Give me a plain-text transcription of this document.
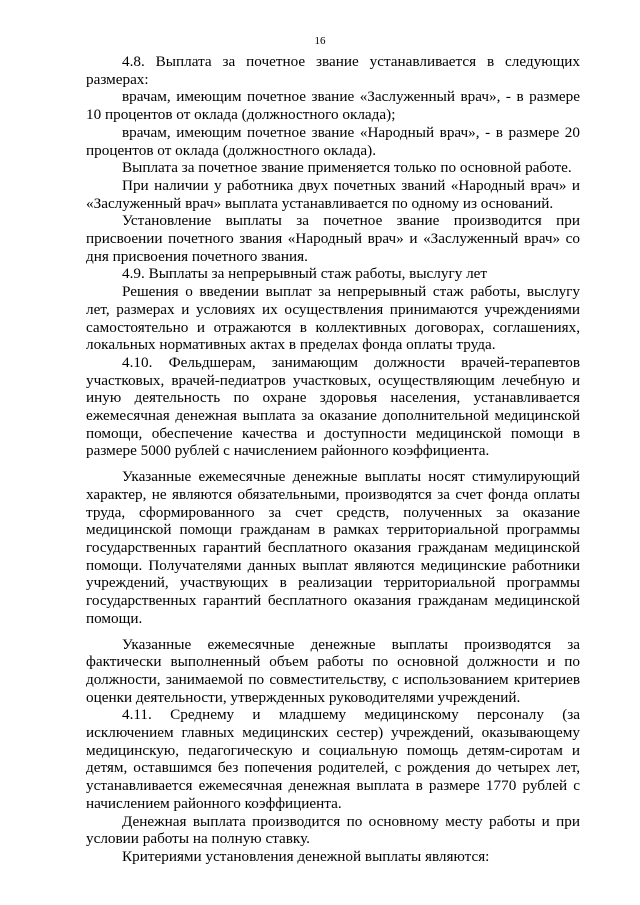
16

4.8. Выплата за почетное звание устанавливается в следующих размерах:

врачам, имеющим почетное звание «Заслуженный врач», - в размере 10 процентов от оклада (должностного оклада);

врачам, имеющим почетное звание «Народный врач», - в размере 20 процентов от оклада (должностного оклада).

Выплата за почетное звание применяется только по основной работе.

При наличии у работника двух почетных званий «Народный врач» и «Заслуженный врач» выплата устанавливается по одному из оснований.

Установление выплаты за почетное звание производится при присвоении почетного звания «Народный врач» и «Заслуженный врач» со дня присвоения почетного звания.

4.9. Выплаты за непрерывный стаж работы, выслугу лет

Решения о введении выплат за непрерывный стаж работы, выслугу лет, размерах и условиях их осуществления принимаются учреждениями самостоятельно и отражаются в коллективных договорах, соглашениях, локальных нормативных актах в пределах фонда оплаты труда.

4.10. Фельдшерам, занимающим должности врачей-терапевтов участковых, врачей-педиатров участковых, осуществляющим лечебную и иную деятельность по охране здоровья населения, устанавливается ежемесячная денежная выплата за оказание дополнительной медицинской помощи, обеспечение качества и доступности медицинской помощи в размере 5000 рублей с начислением районного коэффициента.

Указанные ежемесячные денежные выплаты носят стимулирующий характер, не являются обязательными, производятся за счет фонда оплаты труда, сформированного за счет средств, полученных за оказание медицинской помощи гражданам в рамках территориальной программы государственных гарантий бесплатного оказания гражданам медицинской помощи. Получателями данных выплат являются медицинские работники учреждений, участвующих в реализации территориальной программы государственных гарантий бесплатного оказания гражданам медицинской помощи.

Указанные ежемесячные денежные выплаты производятся за фактически выполненный объем работы по основной должности и по должности, занимаемой по совместительству, с использованием критериев оценки деятельности, утвержденных руководителями учреждений.

4.11. Среднему и младшему медицинскому персоналу (за исключением главных медицинских сестер) учреждений, оказывающему медицинскую, педагогическую и социальную помощь детям-сиротам и детям, оставшимся без попечения родителей, с рождения до четырех лет, устанавливается ежемесячная денежная выплата в размере 1770 рублей с начислением районного коэффициента.

Денежная выплата производится по основному месту работы и при условии работы на полную ставку.

Критериями установления денежной выплаты являются:
